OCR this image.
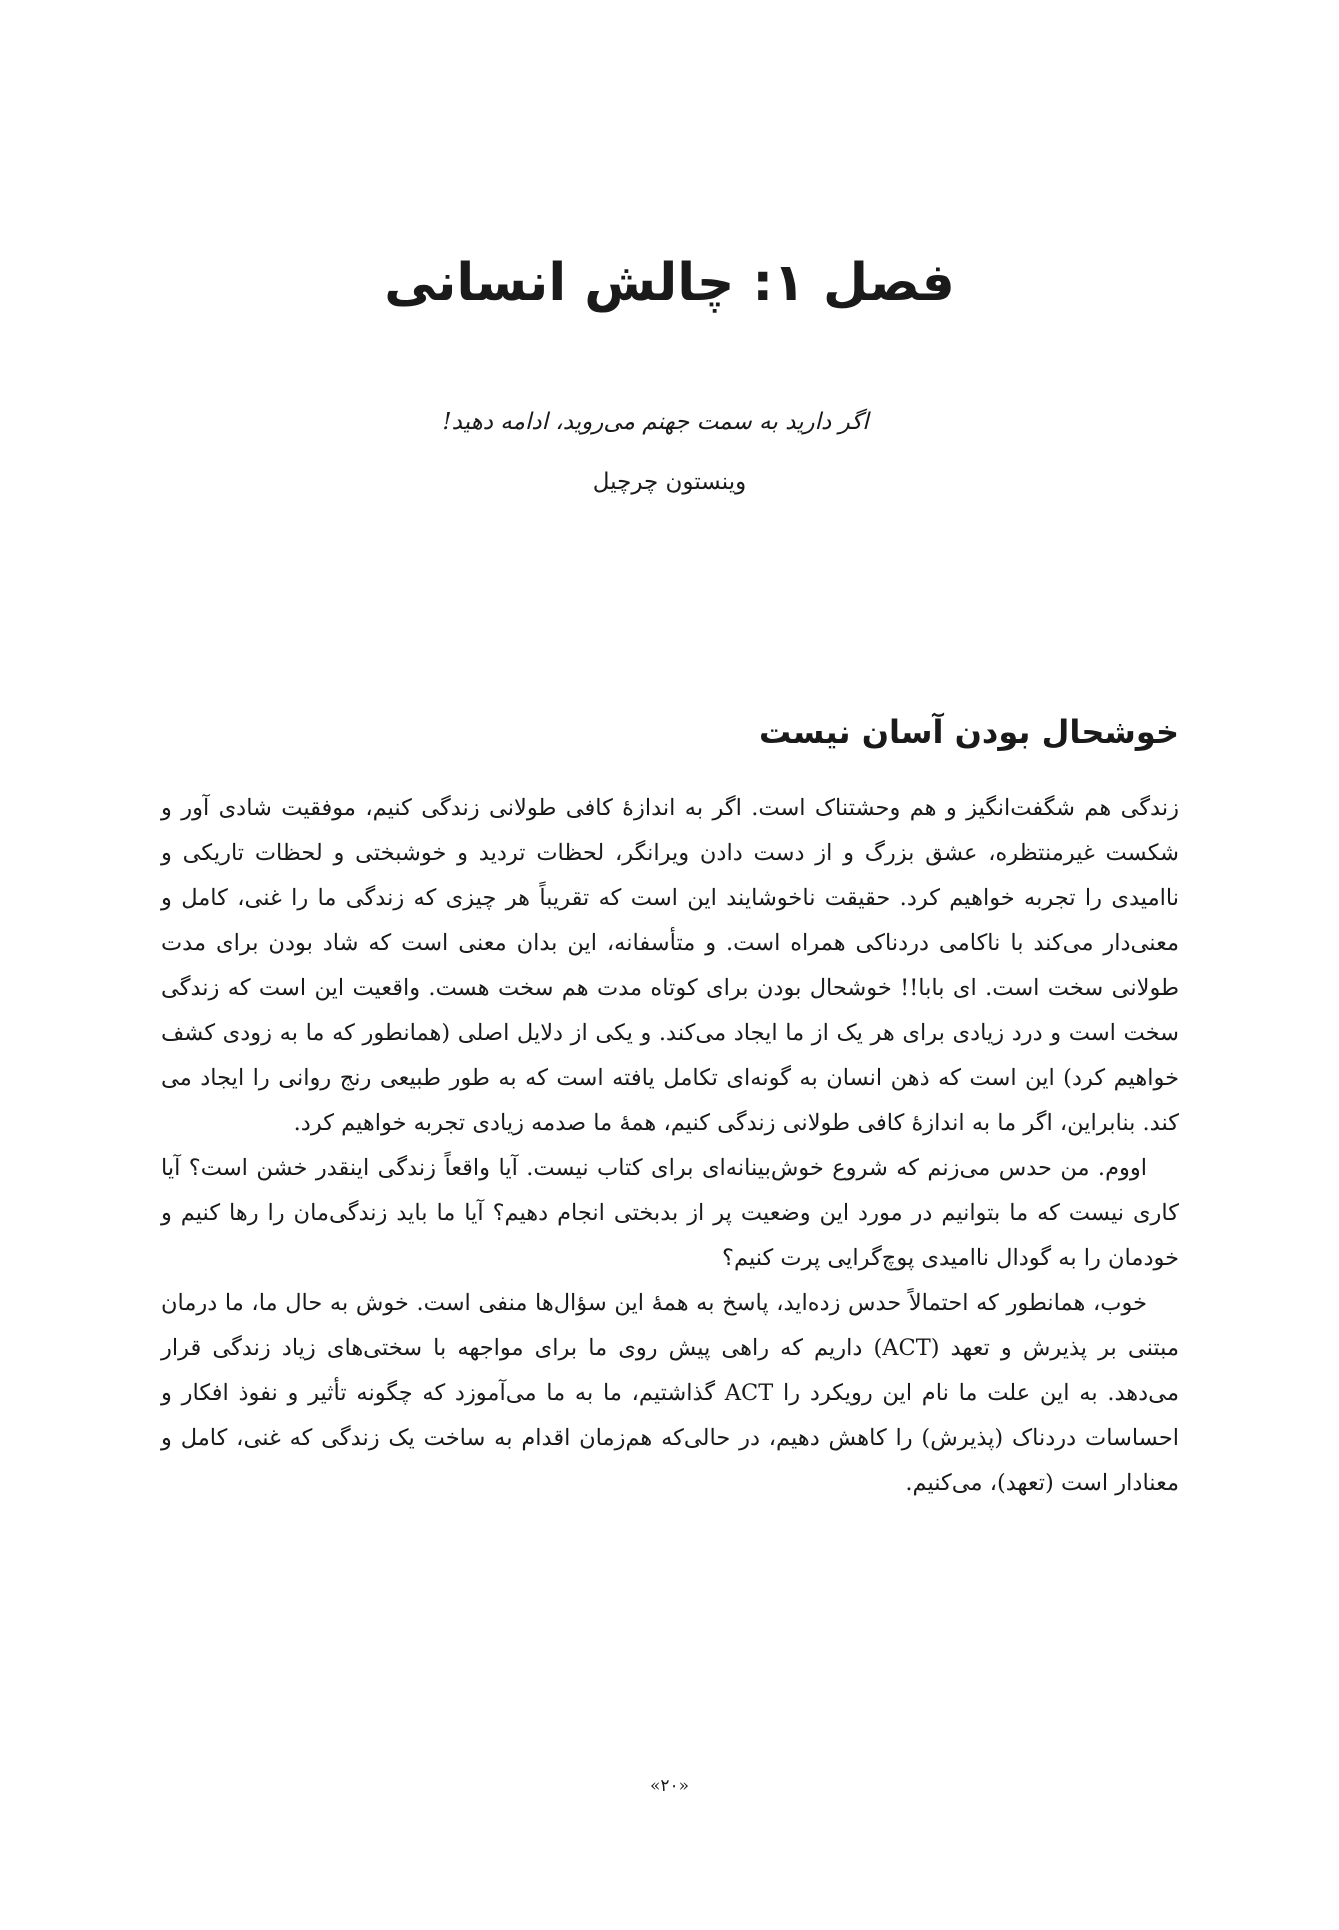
فصل ۱: چالش انسانی
اگر دارید به سمت جهنم می‌روید، ادامه دهید!
وینستون چرچیل
خوشحال بودن آسان نیست

زندگی هم شگفت‌انگیز و هم وحشتناک است. اگر به اندازهٔ کافی طولانی زندگی کنیم، موفقیت شادی آور و شکست غیرمنتظره، عشق بزرگ و از دست دادن ویرانگر، لحظات تردید و خوشبختی و لحظات تاریکی و ناامیدی را تجربه خواهیم کرد. حقیقت ناخوشایند این است که تقریباً هر چیزی که زندگی ما را غنی، کامل و معنی‌دار می‌کند با ناکامی دردناکی همراه است. و متأسفانه، این بدان معنی است که شاد بودن برای مدت طولانی سخت است. ای بابا!! خوشحال بودن برای کوتاه مدت هم سخت هست. واقعیت این است که زندگی سخت است و درد زیادی برای هر یک از ما ایجاد می‌کند. و یکی از دلایل اصلی (همانطور که ما به زودی کشف خواهیم کرد) این است که ذهن انسان به گونه‌ای تکامل یافته است که به طور طبیعی رنج روانی را ایجاد می کند. بنابراین، اگر ما به اندازهٔ کافی طولانی زندگی کنیم، همهٔ ما صدمه زیادی تجربه خواهیم کرد.

اووم. من حدس می‌زنم که شروع خوش‌بینانه‌ای برای کتاب نیست. آیا واقعاً زندگی اینقدر خشن است؟ آیا کاری نیست که ما بتوانیم در مورد این وضعیت پر از بدبختی انجام دهیم؟ آیا ما باید زندگی‌مان را رها کنیم و خودمان را به گودال ناامیدی پوچ‌گرایی پرت کنیم؟

خوب، همانطور که احتمالاً حدس زده‌اید، پاسخ به همهٔ این سؤال‌ها منفی است. خوش به حال ما، ما درمان مبتنی بر پذیرش و تعهد (ACT) داریم که راهی پیش روی ما برای مواجهه با سختی‌های زیاد زندگی قرار می‌دهد. به این علت ما نام این رویکرد را ACT گذاشتیم، ما به ما می‌آموزد که چگونه تأثیر و نفوذ افکار و احساسات دردناک (پذیرش) را کاهش دهیم، در حالی‌که هم‌زمان اقدام به ساخت یک زندگی که غنی، کامل و معنادار است (تعهد)، می‌کنیم.

«۲۰»
